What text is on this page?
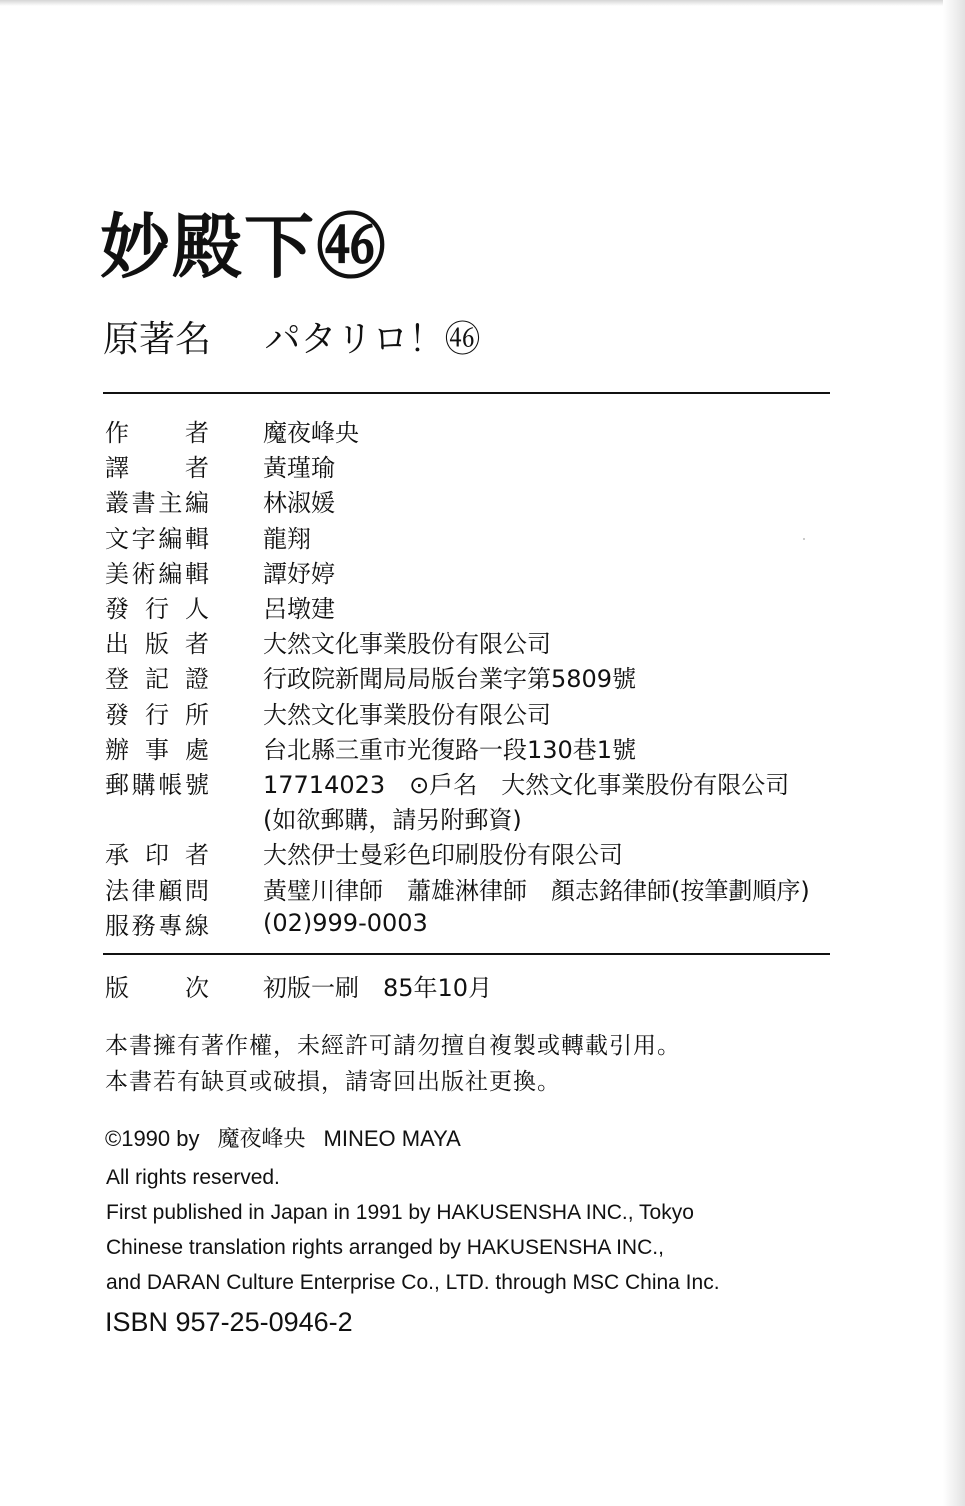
妙殿下㊻
原著名 パタリロ！㊻
作者	魔夜峰央
譯者	黃瑾瑜
叢書主編	林淑媛
文字編輯	龍翔
美術編輯	譚妤婷
發行人	呂墩建
出版者	大然文化事業股份有限公司
登記證	行政院新聞局局版台業字第5809號
發行所	大然文化事業股份有限公司
辦事處	台北縣三重市光復路一段130巷1號
郵購帳號	17714023　⊙戶名　大然文化事業股份有限公司
(如欲郵購，請另附郵資)
承印者	大然伊士曼彩色印刷股份有限公司
法律顧問	黃璧川律師　蕭雄淋律師　顏志銘律師(按筆劃順序)
服務專線	(02)999-0003
版次 初版一刷　85年10月
本書擁有著作權，未經許可請勿擅自複製或轉載引用。
本書若有缺頁或破損，請寄回出版社更換。
©1990 by 魔夜峰央 MINEO MAYA
All rights reserved.
First published in Japan in 1991 by HAKUSENSHA INC., Tokyo
Chinese translation rights arranged by HAKUSENSHA INC.,
and DARAN Culture Enterprise Co., LTD. through MSC China Inc.
ISBN 957-25-0946-2
